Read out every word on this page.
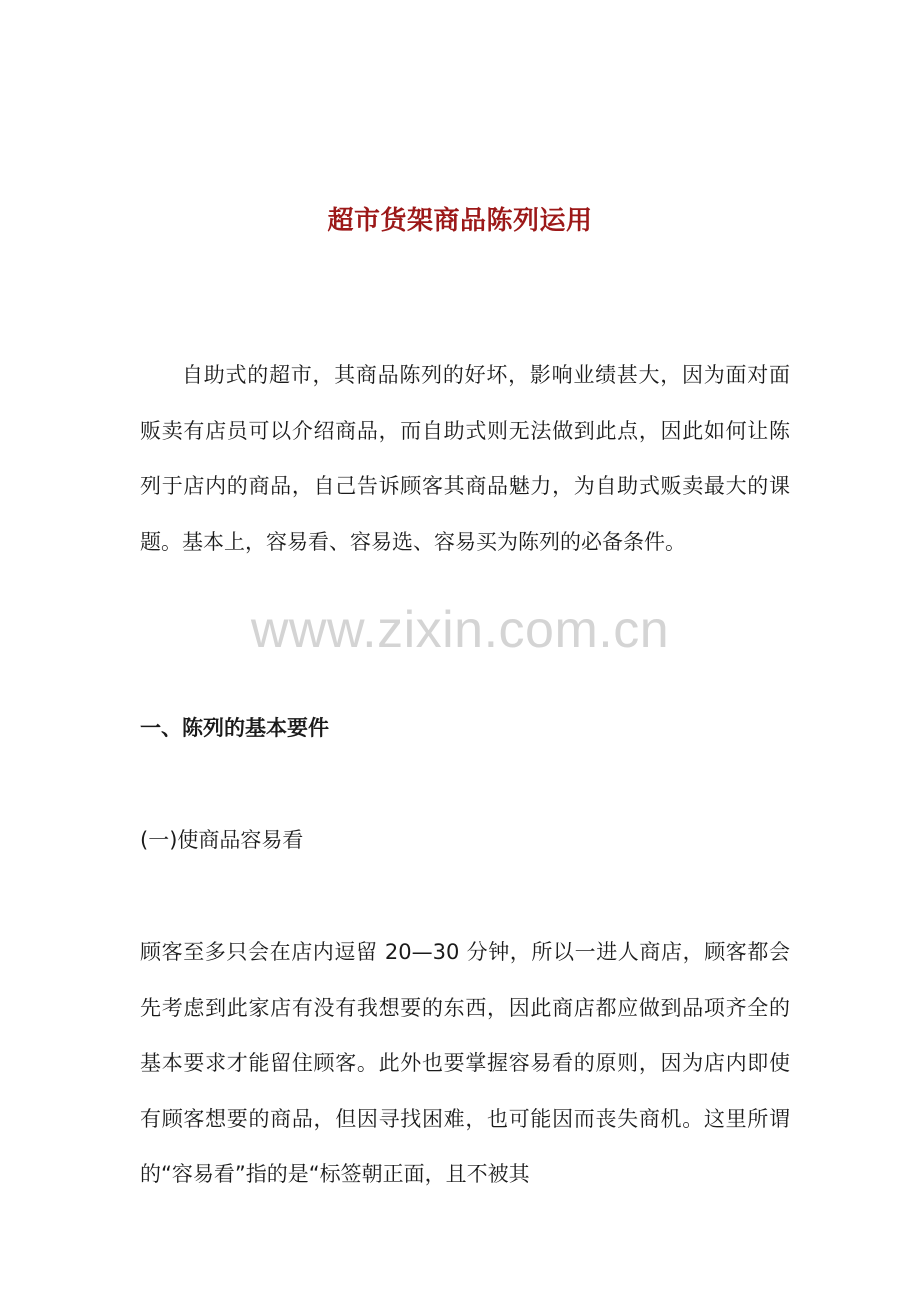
超市货架商品陈列运用

自助式的超市，其商品陈列的好坏，影响业绩甚大，因为面对面贩卖有店员可以介绍商品，而自助式则无法做到此点，因此如何让陈列于店内的商品，自己告诉顾客其商品魅力，为自助式贩卖最大的课题。基本上，容易看、容易选、容易买为陈列的必备条件。

www.zixin.com.cn
一、陈列的基本要件
(一)使商品容易看

顾客至多只会在店内逗留 20—30 分钟，所以一进人商店，顾客都会先考虑到此家店有没有我想要的东西，因此商店都应做到品项齐全的基本要求才能留住顾客。此外也要掌握容易看的原则，因为店内即使有顾客想要的商品，但因寻找困难，也可能因而丧失商机。这里所谓的“容易看”指的是“标签朝正面，且不被其
